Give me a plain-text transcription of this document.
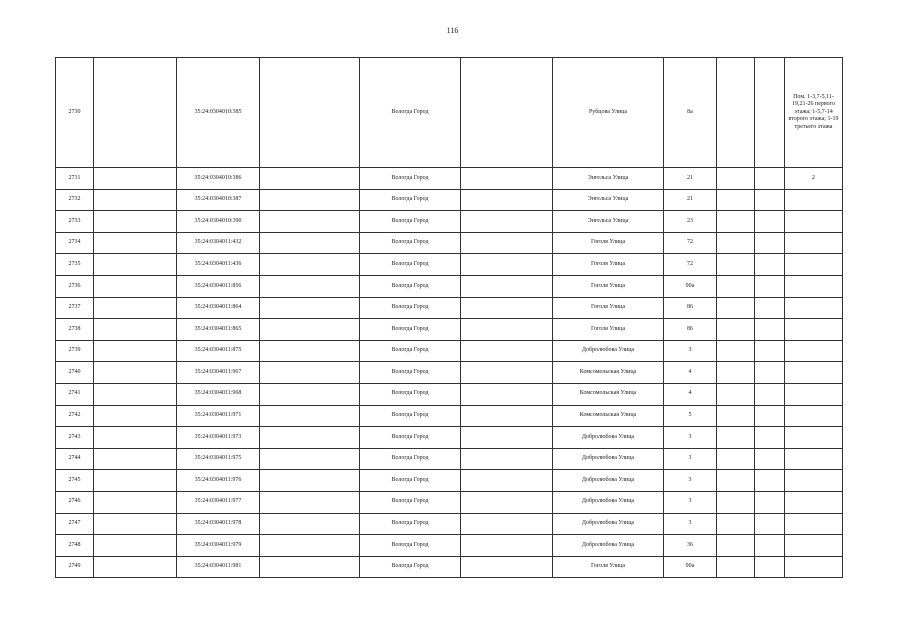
116
2730		35:24:0304010:385		Вологда Город		Рубцова Улица	8а			Пом. 1-3,7-5,11-19,21-26 первого этажа; 1-5,7-14 второго этажа; 1-19 третьего этажа
2731		35:24:0304010:386		Вологда Город		Энгельса Улица	21			2
2732		35:24:0304010:387		Вологда Город		Энгельса Улица	21			
2733		35:24:0304010:390		Вологда Город		Энгельса Улица	23			
2734		35:24:0304011:432		Вологда Город		Гоголя Улица	72			
2735		35:24:0304011:436		Вологда Город		Гоголя Улица	72			
2736		35:24:0304011:856		Вологда Город		Гоголя Улица	90а			
2737		35:24:0304011:864		Вологда Город		Гоголя Улица	86			
2738		35:24:0304011:865		Вологда Город		Гоголя Улица	86			
2739		35:24:0304011:875		Вологда Город		Добролюбова Улица	3			
2740		35:24:0304011:967		Вологда Город		Комсомольская Улица	4			
2741		35:24:0304011:968		Вологда Город		Комсомольская Улица	4			
2742		35:24:0304011:971		Вологда Город		Комсомольская Улица	5			
2743		35:24:0304011:973		Вологда Город		Добролюбова Улица	3			
2744		35:24:0304011:975		Вологда Город		Добролюбова Улица	3			
2745		35:24:0304011:976		Вологда Город		Добролюбова Улица	3			
2746		35:24:0304011:977		Вологда Город		Добролюбова Улица	3			
2747		35:24:0304011:978		Вологда Город		Добролюбова Улица	3			
2748		35:24:0304011:979		Вологда Город		Добролюбова Улица	36			
2749		35:24:0304011:981		Вологда Город		Гоголя Улица	90а			
